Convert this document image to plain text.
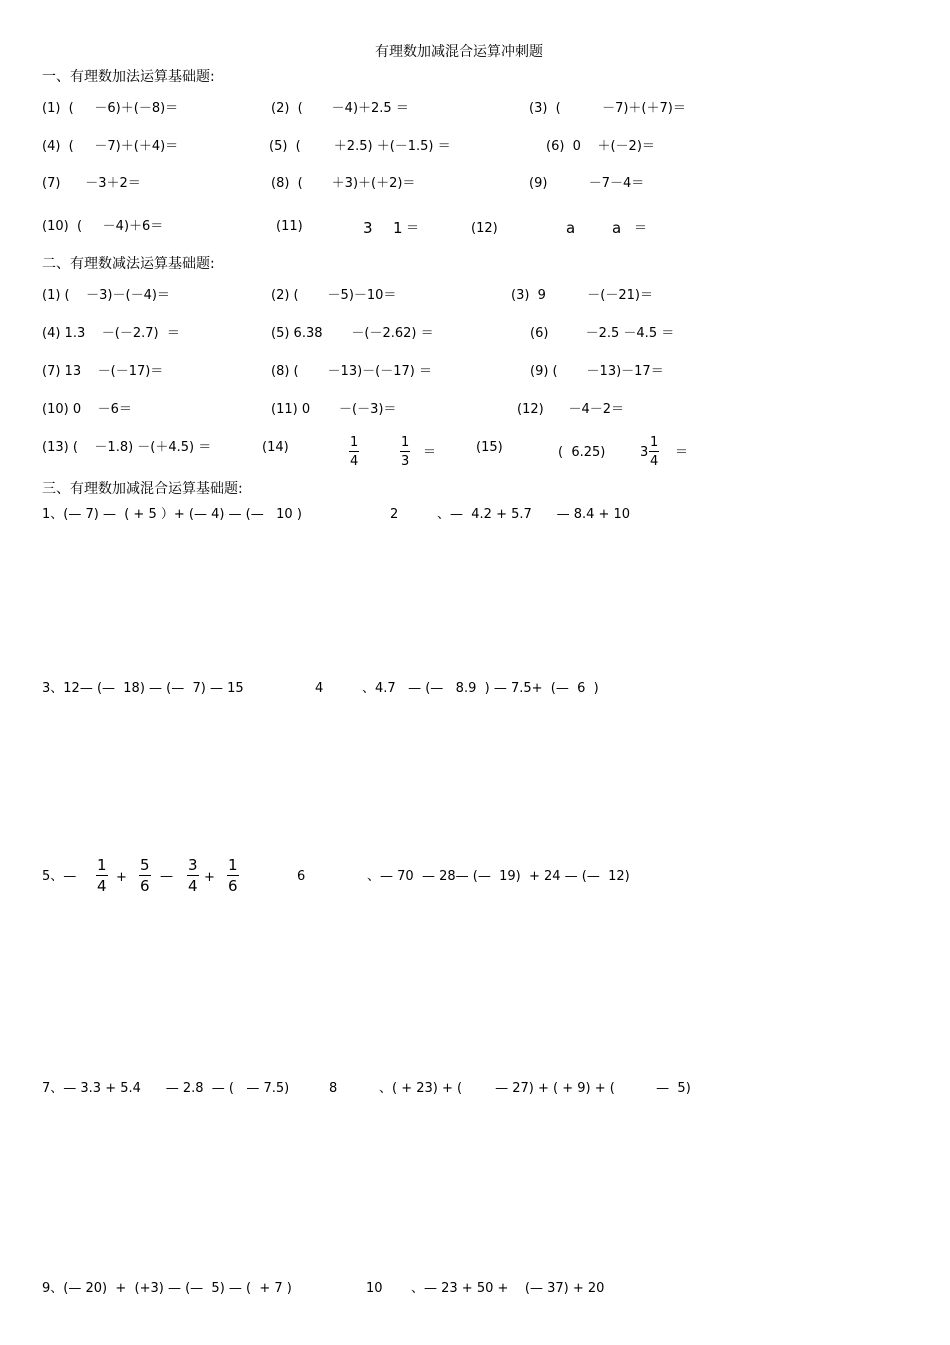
有理数加减混合运算冲刺题
一、有理数加法运算基础题:
(1)  (     －6)＋(－8)＝	(2)  (       －4)＋2.5 ＝	(3)  (          －7)＋(＋7)＝
(4)  (     －7)＋(＋4)＝	(5)  (        ＋2.5) ＋(－1.5) ＝	(6)  0    ＋(－2)＝
(7)      －3＋2＝	(8)  (       ＋3)＋(＋2)＝	(9)          －7－4＝
(10)  (     －4)＋6＝	(11)	3 1 ＝	(12)	a a ＝
二、有理数减法运算基础题:
(1) (    －3)－(－4)＝	(2) (       －5)－10＝	(3)  9          －(－21)＝
(4) 1.3    －(－2.7)  ＝	(5) 6.38       －(－2.62) ＝	(6)         －2.5 －4.5 ＝
(7) 13    －(－17)＝	(8) (       －13)－(－17) ＝	(9) (       －13)－17＝
(10) 0    －6＝	(11) 0       －(－3)＝	(12)      －4－2＝
(13) (    －1.8) －(＋4.5) ＝	(14)	$\frac{1}{4}$	$\frac{1}{3}$ ＝	(15)	(  6.25)	$3 \frac{1}{4}$ ＝
三、有理数加减混合运算基础题:
1、(— 7) —  ( + 5 ）+ (— 4) — (—   10 )	2	、—  4.2 + 5.7      — 8.4 + 10
3、12— (—  18) — (—  7) — 15	4	、4.7   — (—   8.9  ) — 7.5+  (—  6  )
5、— $\frac{1}{4} + \frac{5}{6}$ — $\frac{3}{4} + \frac{1}{6}$	6	、— 70  — 28— (—  19)  + 24 — (—  12)
7、— 3.3 + 5.4      — 2.8  — (   — 7.5)	8	、( + 23) + (        — 27) + ( + 9) + (          —  5)
9、(— 20)  +  (+3) — (—  5) — (  + 7 )	10 、— 23 + 50 +    (— 37) + 20
